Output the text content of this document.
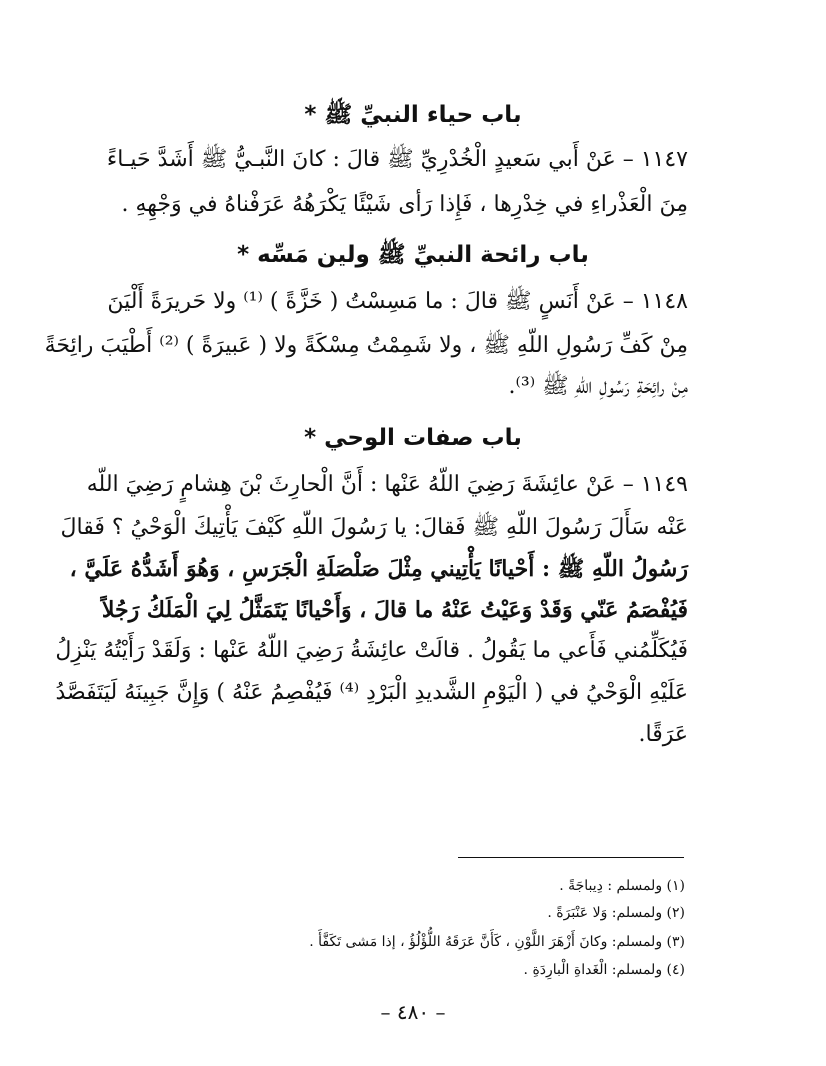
باب حياء النبيِّ ﷺ *
١١٤٧ – عَنْ أَبي سَعيدٍ الْخُدْرِيِّ ﷺ قالَ : كانَ النَّبـيُّ ﷺ أَشَدَّ حَيـاءً
مِنَ الْعَذْراءِ في خِدْرِها ، فَإِذا رَأى شَيْئًا يَكْرَهُهُ عَرَفْناهُ في وَجْهِهِ .
باب رائحة النبيِّ ﷺ ولين مَسِّه *
١١٤٨ – عَنْ أَنَسٍ ﷺ قالَ : ما مَسِسْتُ ( خَزَّةً ) ⁽¹⁾ ولا حَريرَةً أَلْيَنَ
مِنْ كَفِّ رَسُولِ اللّهِ ﷺ ، ولا شَمِمْتُ مِسْكَةً ولا ( عَبيرَةً ) ⁽²⁾ أَطْيَبَ رائِحَةً
مِنْ رائِحَةِ رَسُولِ اللّهِ ﷺ ⁽³⁾.
باب صفات الوحي *
١١٤٩ – عَنْ عائِشَةَ رَضِيَ اللّهُ عَنْها : أَنَّ الْحارِثَ بْنَ هِشامٍ رَضِيَ اللّه
عَنْه سَأَلَ رَسُولَ اللّهِ ﷺ فَقالَ: يا رَسُولَ اللّهِ كَيْفَ يَأْتِيكَ الْوَحْيُ ؟ فَقالَ
رَسُولُ اللّهِ ﷺ : أَحْيانًا يَأْتِيني مِثْلَ صَلْصَلَةِ الْجَرَسِ ، وَهُوَ أَشَدُّهُ عَلَيَّ ،
فَيُفْصَمُ عَنّي وَقَدْ وَعَيْتُ عَنْهُ ما قالَ ، وَأَحْيانًا يَتَمَثَّلُ لِيَ الْمَلَكُ رَجُلاً
فَيُكَلِّمُني فَأَعي ما يَقُولُ . قالَتْ عائِشَةُ رَضِيَ اللّهُ عَنْها : وَلَقَدْ رَأَيْتُهُ يَنْزِلُ
عَلَيْهِ الْوَحْيُ في ( الْيَوْمِ الشَّديدِ الْبَرْدِ ⁽⁴⁾ فَيُفْصِمُ عَنْهُ ) وَإِنَّ جَبِينَهُ لَيَتَفَصَّدُ
عَرَقًا.
(١) ولمسلم : دِيباجَةً .
(٢) ولمسلم: وَلا عَنْبَرَةً .
(٣) ولمسلم: وكانَ أَزْهَرَ اللَّوْنِ ، كَأَنَّ عَرَقَهُ اللُّؤْلُؤُ ، إذا مَشى تَكَفَّأَ .
(٤) ولمسلم: الْغَداةِ الْبارِدَةِ .
– ٤٨٠ –
